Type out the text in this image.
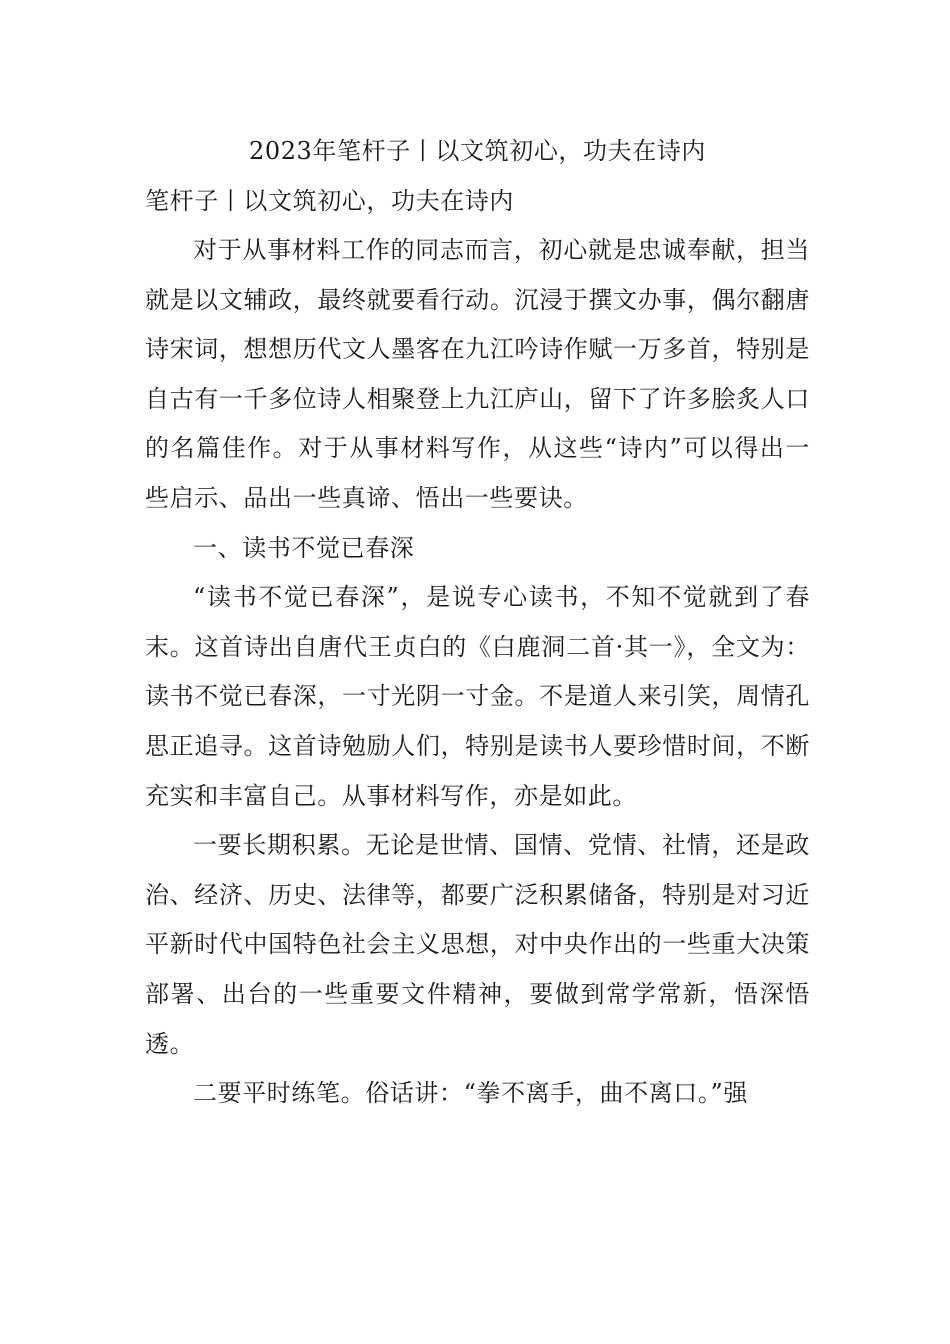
2023年笔杆子丨以文筑初心，功夫在诗内
笔杆子丨以文筑初心，功夫在诗内

对于从事材料工作的同志而言，初心就是忠诚奉献，担当就是以文辅政，最终就要看行动。沉浸于撰文办事，偶尔翻唐诗宋词，想想历代文人墨客在九江吟诗作赋一万多首，特别是自古有一千多位诗人相聚登上九江庐山，留下了许多脍炙人口的名篇佳作。对于从事材料写作，从这些“诗内”可以得出一些启示、品出一些真谛、悟出一些要诀。

一、读书不觉已春深

“读书不觉已春深”，是说专心读书，不知不觉就到了春末。这首诗出自唐代王贞白的《白鹿洞二首·其一》，全文为：读书不觉已春深，一寸光阴一寸金。不是道人来引笑，周情孔思正追寻。这首诗勉励人们，特别是读书人要珍惜时间，不断充实和丰富自己。从事材料写作，亦是如此。

一要长期积累。无论是世情、国情、党情、社情，还是政治、经济、历史、法律等，都要广泛积累储备，特别是对习近平新时代中国特色社会主义思想，对中央作出的一些重大决策部署、出台的一些重要文件精神，要做到常学常新，悟深悟透。

二要平时练笔。俗话讲：“拳不离手，曲不离口。”强
